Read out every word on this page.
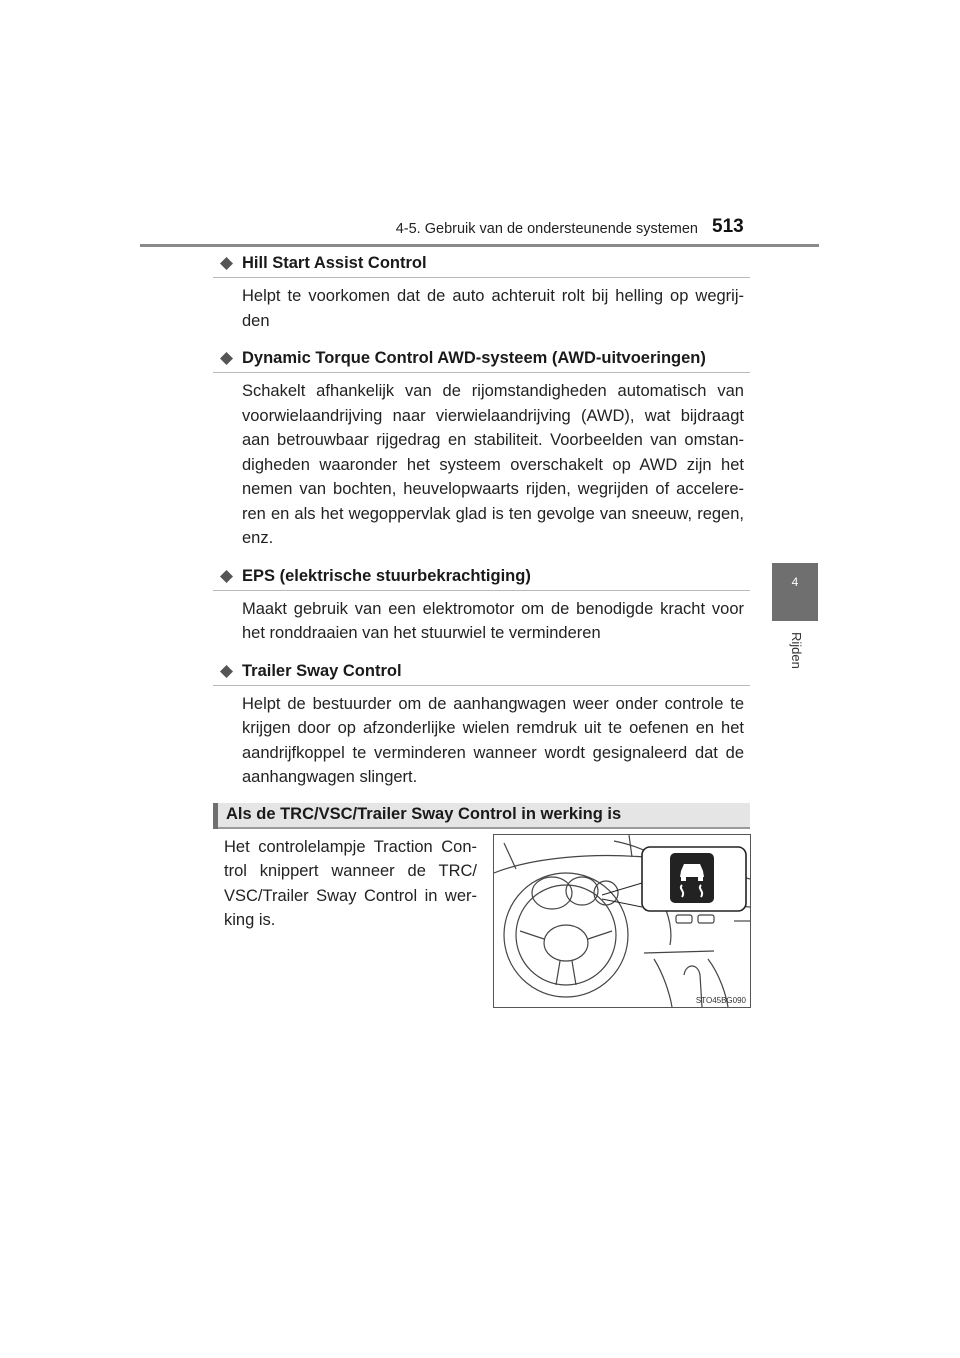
4-5. Gebruik van de ondersteunende systemen 513
4
Rijden
Hill Start Assist Control
Helpt te voorkomen dat de auto achteruit rolt bij helling op wegrij- den
Dynamic Torque Control AWD-systeem (AWD-uitvoeringen)
Schakelt afhankelijk van de rijomstandigheden automatisch van voorwielaandrijving naar vierwielaandrijving (AWD), wat bijdraagt aan betrouwbaar rijgedrag en stabiliteit. Voorbeelden van omstan- digheden waaronder het systeem overschakelt op AWD zijn het nemen van bochten, heuvelopwaarts rijden, wegrijden of accelere- ren en als het wegoppervlak glad is ten gevolge van sneeuw, regen, enz.
EPS (elektrische stuurbekrachtiging)
Maakt gebruik van een elektromotor om de benodigde kracht voor het ronddraaien van het stuurwiel te verminderen
Trailer Sway Control
Helpt de bestuurder om de aanhangwagen weer onder controle te krijgen door op afzonderlijke wielen remdruk uit te oefenen en het aandrijfkoppel te verminderen wanneer wordt gesignaleerd dat de aanhangwagen slingert.
Als de TRC/VSC/Trailer Sway Control in werking is
Het controlelampje Traction Con- trol knippert wanneer de TRC/ VSC/Trailer Sway Control in wer- king is.
STO45BG090
